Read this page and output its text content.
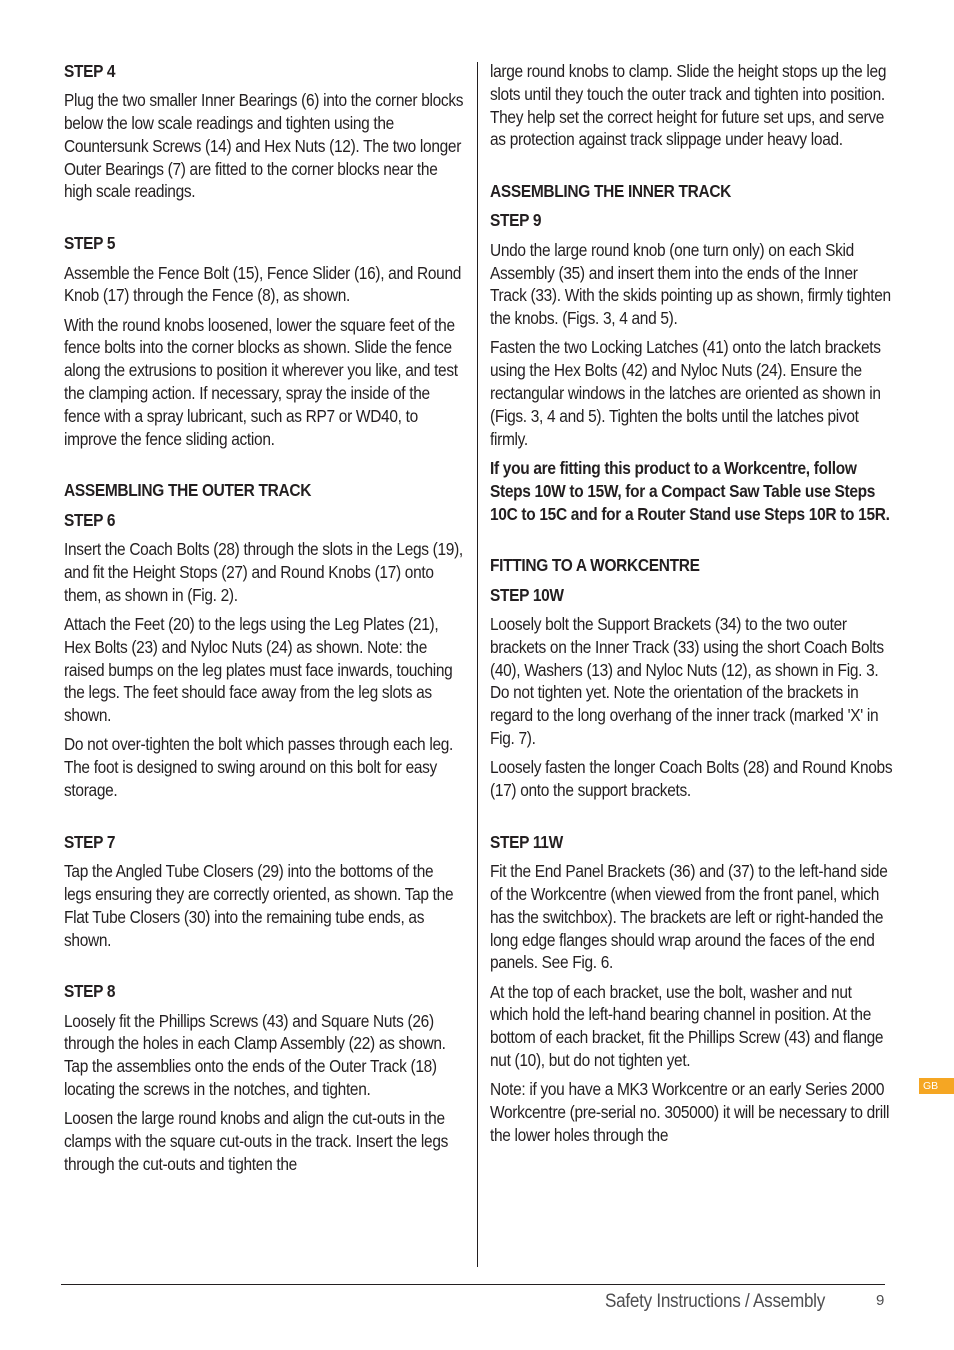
STEP 4

Plug the two smaller Inner Bearings (6) into the corner blocks below the low scale readings and tighten using the Countersunk Screws (14) and Hex Nuts (12). The two longer Outer Bearings (7) are fitted to the corner blocks near the high scale readings.

STEP 5

Assemble the Fence Bolt (15), Fence Slider (16), and Round Knob (17) through the Fence (8), as shown.

With the round knobs loosened, lower the square feet of the fence bolts into the corner blocks as shown. Slide the fence along the extrusions to position it wherever you like, and test the clamping action. If necessary, spray the inside of the fence with a spray lubricant, such as RP7 or WD40, to improve the fence sliding action.

ASSEMBLING THE OUTER TRACK
STEP 6

Insert the Coach Bolts (28) through the slots in the Legs (19), and fit the Height Stops (27) and Round Knobs (17) onto them, as shown in (Fig. 2).

Attach the Feet (20) to the legs using the Leg Plates (21), Hex Bolts (23) and Nyloc Nuts (24) as shown. Note: the raised bumps on the leg plates must face inwards, touching the legs. The feet should face away from the leg slots as shown.

Do not over-tighten the bolt which passes through each leg. The foot is designed to swing around on this bolt for easy storage.

STEP 7

Tap the Angled Tube Closers (29) into the bottoms of the legs ensuring they are correctly oriented, as shown. Tap the Flat Tube Closers (30) into the remaining tube ends, as shown.

STEP 8

Loosely fit the Phillips Screws (43) and Square Nuts (26) through the holes in each Clamp Assembly (22) as shown. Tap the assemblies onto the ends of the Outer Track (18) locating the screws in the notches, and tighten.

Loosen the large round knobs and align the cut-outs in the clamps with the square cut-outs in the track. Insert the legs through the cut-outs and tighten the

large round knobs to clamp. Slide the height stops up the leg slots until they touch the outer track and tighten into position. They help set the correct height for future set ups, and serve as protection against track slippage under heavy load.

ASSEMBLING THE INNER TRACK
STEP 9

Undo the large round knob (one turn only) on each Skid Assembly (35) and insert them into the ends of the Inner Track (33). With the skids pointing up as shown, firmly tighten the knobs. (Figs. 3, 4 and 5).

Fasten the two Locking Latches (41) onto the latch brackets using the Hex Bolts (42) and Nyloc Nuts (24). Ensure the rectangular windows in the latches are oriented as shown in (Figs. 3, 4 and 5). Tighten the bolts until the latches pivot firmly.

If you are fitting this product to a Workcentre, follow Steps 10W to 15W, for a Compact Saw Table use Steps 10C to 15C and for a Router Stand use Steps 10R to 15R.

FITTING TO A WORKCENTRE
STEP 10W

Loosely bolt the Support Brackets (34) to the two outer brackets on the Inner Track (33) using the short Coach Bolts (40), Washers (13) and Nyloc Nuts (12), as shown in Fig. 3. Do not tighten yet. Note the orientation of the brackets in regard to the long overhang of the inner track (marked 'X' in Fig. 7).

Loosely fasten the longer Coach Bolts (28) and Round Knobs (17) onto the support brackets.

STEP 11W

Fit the End Panel Brackets (36) and (37) to the left-hand side of the Workcentre (when viewed from the front panel, which has the switchbox). The brackets are left or right-handed the long edge flanges should wrap around the faces of the end panels. See Fig. 6.

At the top of each bracket, use the bolt, washer and nut which hold the left-hand bearing channel in position. At the bottom of each bracket, fit the Phillips Screw (43) and flange nut (10), but do not tighten yet.

Note: if you have a MK3 Workcentre or an early Series 2000 Workcentre (pre-serial no. 305000) it will be necessary to drill the lower holes through the

GB
Safety Instructions / Assembly	9
